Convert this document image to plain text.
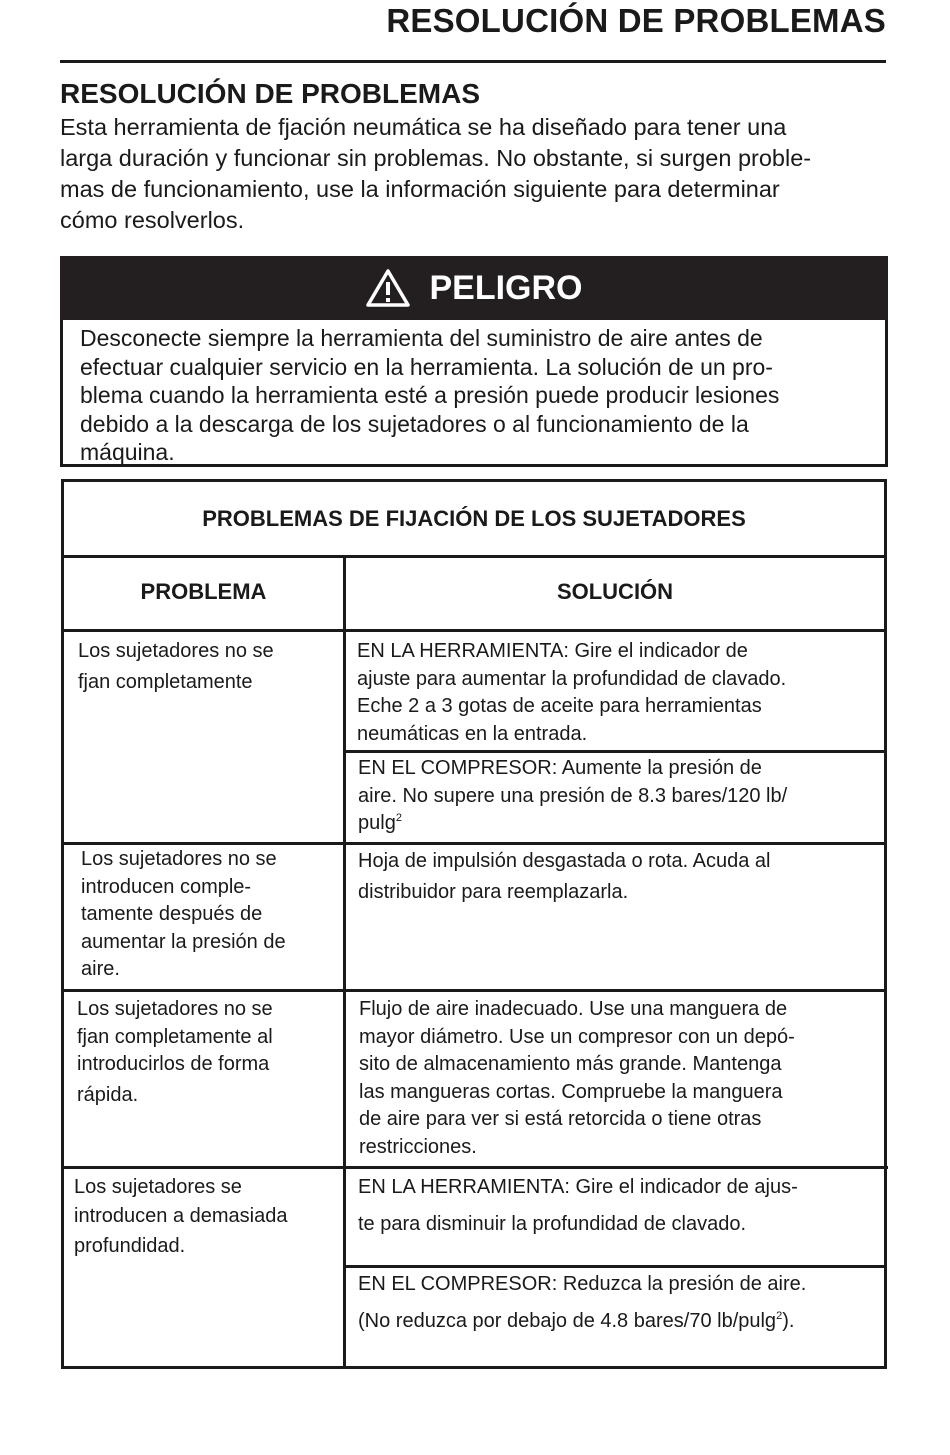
RESOLUCIÓN DE PROBLEMAS
RESOLUCIÓN DE PROBLEMAS
Esta herramienta de fjación neumática se ha diseñado para tener una
larga duración y funcionar sin problemas. No obstante, si surgen proble-
mas de funcionamiento, use la información siguiente para determinar
cómo resolverlos.
PELIGRO
Desconecte siempre la herramienta del suministro de aire antes de
efectuar cualquier servicio en la herramienta. La solución de un pro-
blema cuando la herramienta esté a presión puede producir lesiones
debido a la descarga de los sujetadores o al funcionamiento de la
máquina.
PROBLEMAS DE FIJACIÓN DE LOS SUJETADORES
PROBLEMA	SOLUCIÓN
Los sujetadores no se
fjan completamente
EN LA HERRAMIENTA: Gire el indicador de
ajuste para aumentar la profundidad de clavado.
Eche 2 a 3 gotas de aceite para herramientas
neumáticas en la entrada.
EN EL COMPRESOR: Aumente la presión de
aire. No supere una presión de 8.3 bares/120 lb/
pulg$^2$
Los sujetadores no se
introducen comple-
tamente después de
aumentar la presión de
aire.
Hoja de impulsión desgastada o rota. Acuda al
distribuidor para reemplazarla.
Los sujetadores no se
fjan completamente al
introducirlos de forma
rápida.
Flujo de aire inadecuado. Use una manguera de
mayor diámetro. Use un compresor con un depó-
sito de almacenamiento más grande. Mantenga
las mangueras cortas. Compruebe la manguera
de aire para ver si está retorcida o tiene otras
restricciones.
Los sujetadores se
introducen a demasiada
profundidad.
EN LA HERRAMIENTA: Gire el indicador de ajus-
te para disminuir la profundidad de clavado.
EN EL COMPRESOR: Reduzca la presión de aire.
(No reduzca por debajo de 4.8 bares/70 lb/pulg$^2$).
